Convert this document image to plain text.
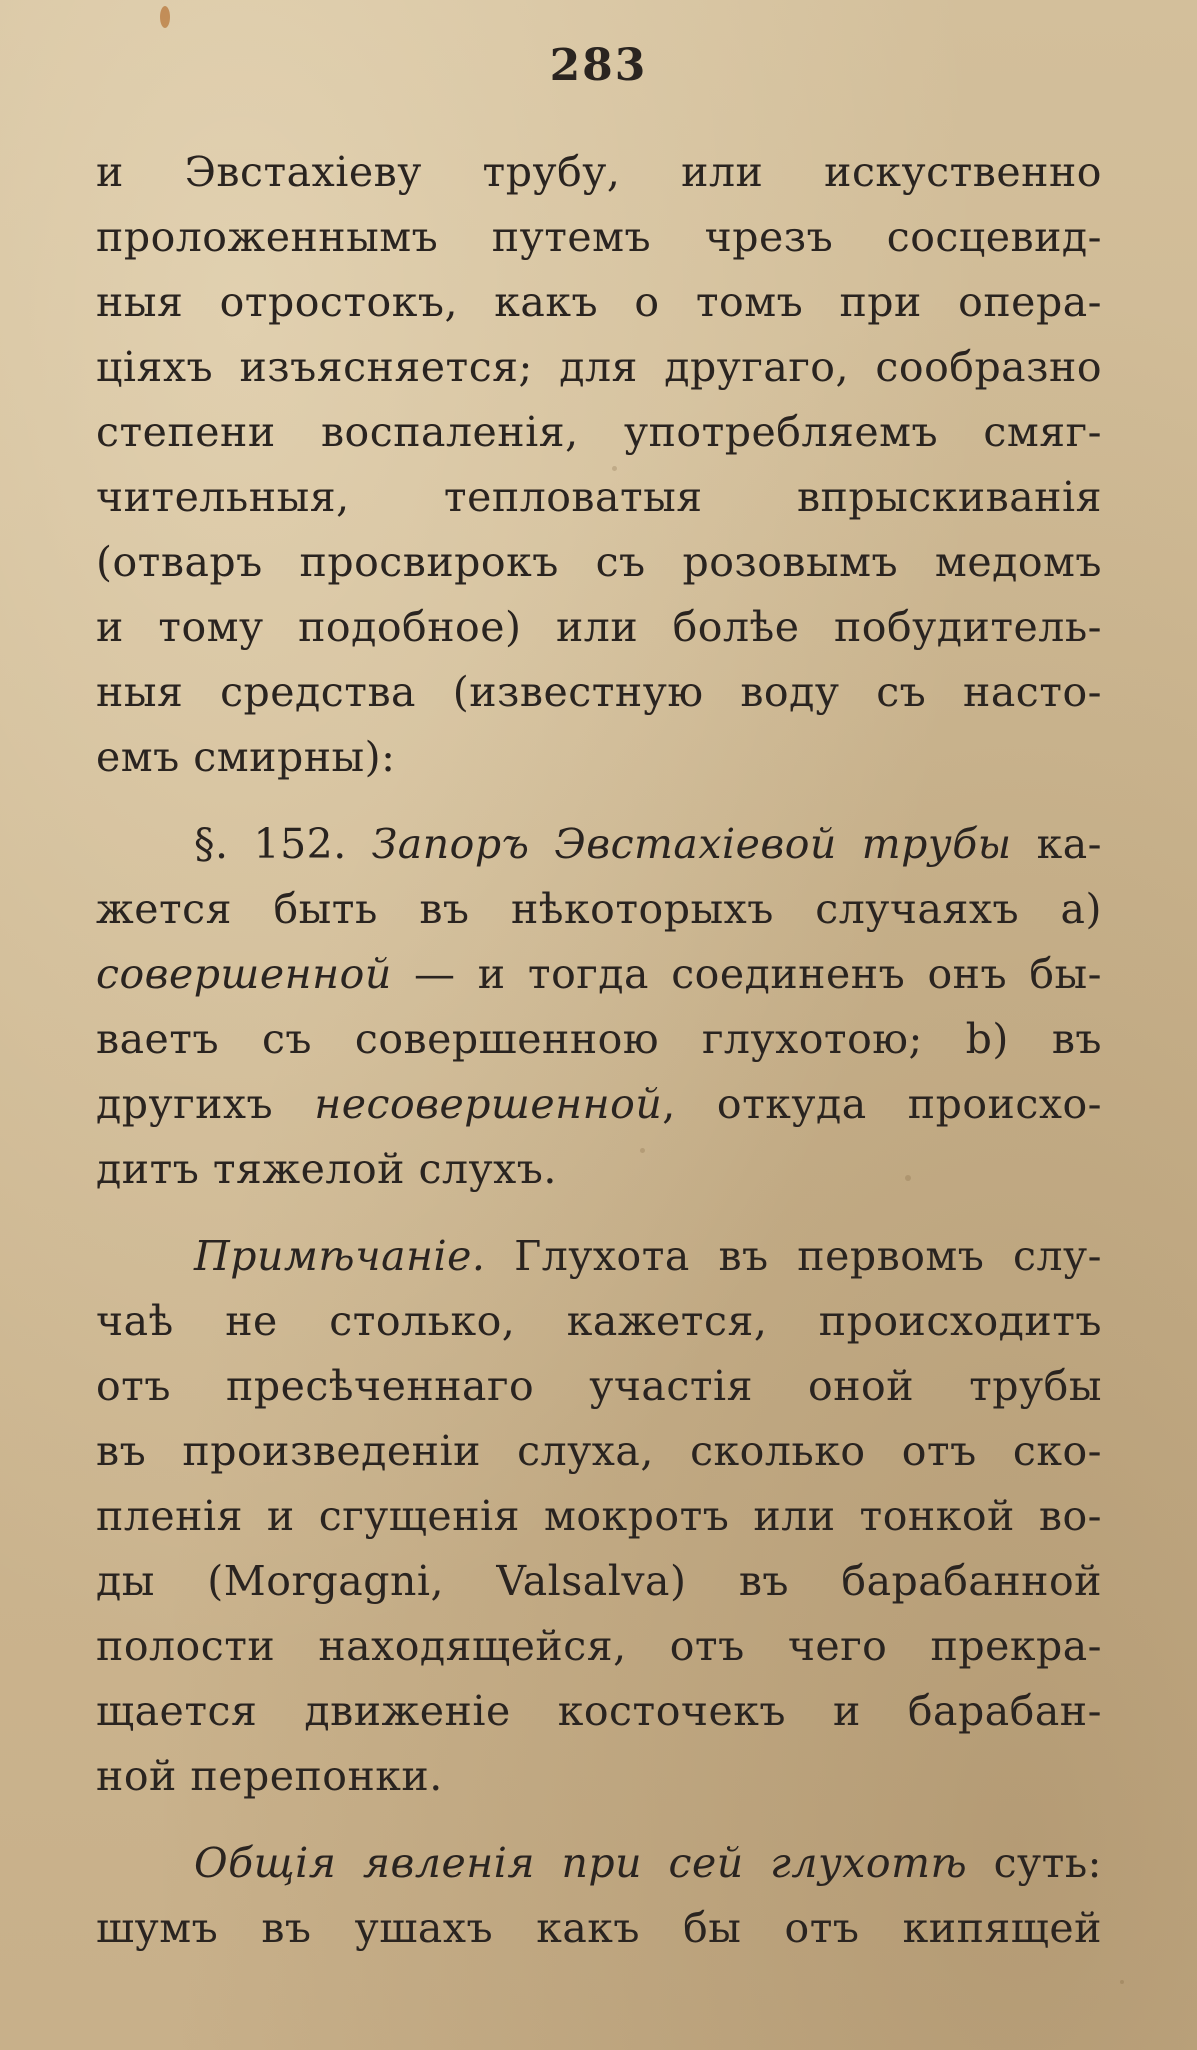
283
и Эвстахіеву трубу, или искуственно
проложеннымъ путемъ чрезъ сосцевид-
ныя отростокъ, какъ о томъ при опера-
ціяхъ изъясняется; для другаго, сообразно
степени воспаленія, употребляемъ смяг-
чительныя, тепловатыя впрыскиванія
(отваръ просвирокъ съ розовымъ медомъ
и тому подобное) или болѣе побудитель-
ныя средства (известную воду съ насто-
емъ смирны):
§. 152. Запоръ Эвстахіевой трубы ка-
жется быть въ нѣкоторыхъ случаяхъ а)
совершенной — и тогда соединенъ онъ бы-
ваетъ съ совершенною глухотою; b) въ
другихъ несовершенной, откуда происхо-
дитъ тяжелой слухъ.
Примѣчаніе. Глухота въ первомъ слу-
чаѣ не столько, кажется, происходитъ
отъ пресѣченнаго участія оной трубы
въ произведеніи слуха, сколько отъ ско-
пленія и сгущенія мокротъ или тонкой во-
ды (Morgagni, Valsalva) въ барабанной
полости находящейся, отъ чего прекра-
щается движеніе косточекъ и барабан-
ной перепонки.
Общія явленія при сей глухотѣ суть:
шумъ въ ушахъ какъ бы отъ кипящей
